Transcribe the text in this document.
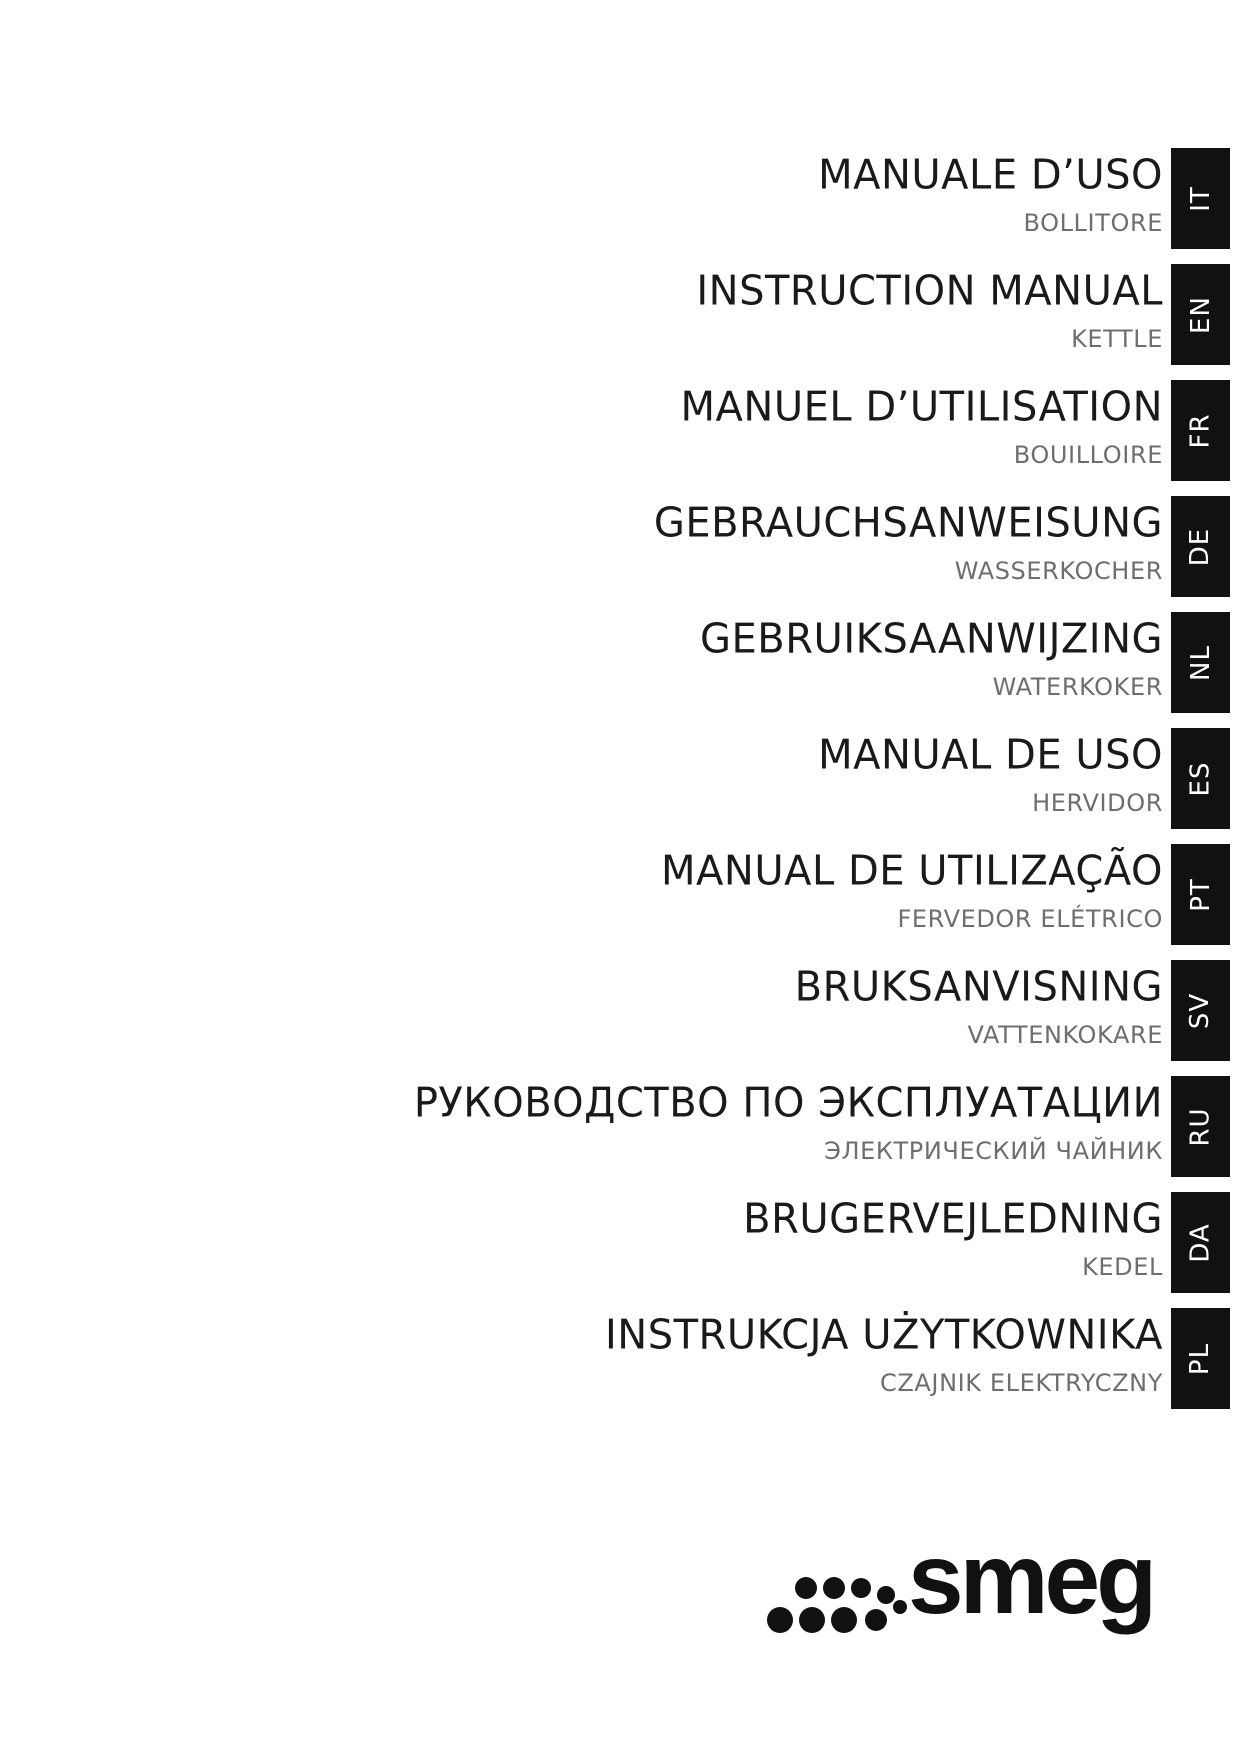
MANUALE D’USO
BOLLITORE
IT
INSTRUCTION MANUAL
KETTLE
EN
MANUEL D’UTILISATION
BOUILLOIRE
FR
GEBRAUCHSANWEISUNG
WASSERKOCHER
DE
GEBRUIKSAANWIJZING
WATERKOKER
NL
MANUAL DE USO
HERVIDOR
ES
MANUAL DE UTILIZAÇÃO
FERVEDOR ELÉTRICO
PT
BRUKSANVISNING
VATTENKOKARE
SV
РУКОВОДСТВО ПО ЭКСПЛУАТАЦИИ
ЭЛЕКТРИЧЕСКИЙ ЧАЙНИК
RU
BRUGERVEJLEDNING
KEDEL
DA
INSTRUKCJA UŻYTKOWNIKA
CZAJNIK ELEKTRYCZNY
PL
smeg
